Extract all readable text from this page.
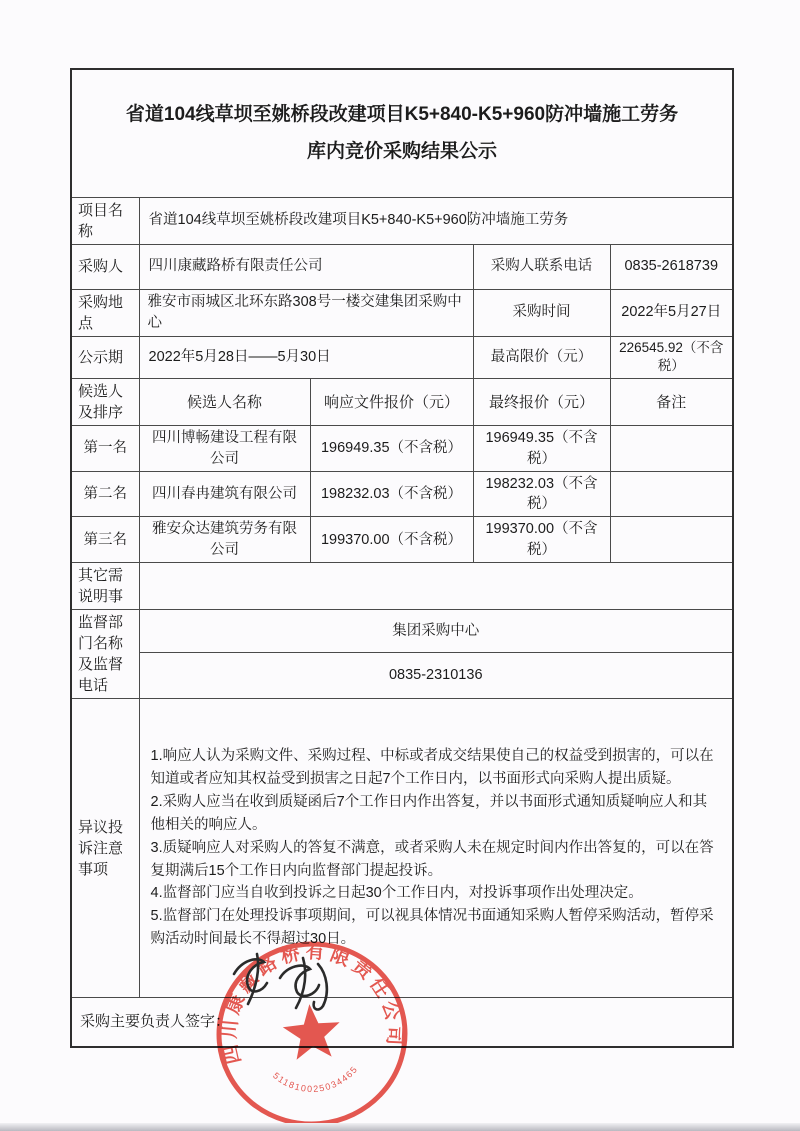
省道104线草坝至姚桥段改建项目K5+840-K5+960防冲墙施工劳务
库内竞价采购结果公示				

项目名称	省道104线草坝至姚桥段改建项目K5+840-K5+960防冲墙施工劳务			
采购人	四川康藏路桥有限责任公司		采购人联系电话	0835-2618739
采购地点	雅安市雨城区北环东路308号一楼交建集团采购中心		采购时间	2022年5月27日
公示期	2022年5月28日——5月30日		最高限价（元）	226545.92（不含税）
候选人及排序	候选人名称	响应文件报价（元）	最终报价（元）	备注
第一名	四川博畅建设工程有限公司	196949.35（不含税）	196949.35（不含税）	
第二名	四川春冉建筑有限公司	198232.03（不含税）	198232.03（不含税）	
第三名	雅安众达建筑劳务有限公司	199370.00（不含税）	199370.00（不含税）	
其它需说明事				
监督部门名称及监督电话	集团采购中心			
	0835-2310136			
异议投诉注意事项	1.响应人认为采购文件、采购过程、中标或者成交结果使自己的权益受到损害的，可以在知道或者应知其权益受到损害之日起7个工作日内，以书面形式向采购人提出质疑。

2.采购人应当在收到质疑函后7个工作日内作出答复，并以书面形式通知质疑响应人和其他相关的响应人。

3.质疑响应人对采购人的答复不满意，或者采购人未在规定时间内作出答复的，可以在答复期满后15个工作日内向监督部门提起投诉。

4.监督部门应当自收到投诉之日起30个工作日内，对投诉事项作出处理决定。

5.监督部门在处理投诉事项期间，可以视具体情况书面通知采购人暂停采购活动，暂停采购活动时间最长不得超过30日。			

采购主要负责人签字：				
四川康藏路桥有限责任公司
511810025034465
